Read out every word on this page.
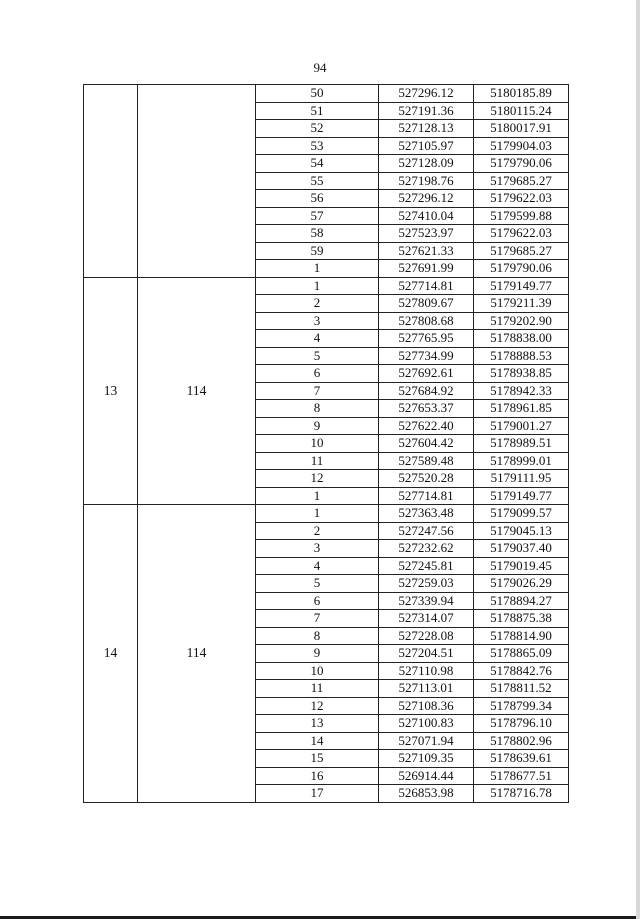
94
		50	527296.12	5180185.89
		51	527191.36	5180115.24
		52	527128.13	5180017.91
		53	527105.97	5179904.03
		54	527128.09	5179790.06
		55	527198.76	5179685.27
		56	527296.12	5179622.03
		57	527410.04	5179599.88
		58	527523.97	5179622.03
		59	527621.33	5179685.27
		1	527691.99	5179790.06
13	114	1	527714.81	5179149.77
		2	527809.67	5179211.39
		3	527808.68	5179202.90
		4	527765.95	5178838.00
		5	527734.99	5178888.53
		6	527692.61	5178938.85
		7	527684.92	5178942.33
		8	527653.37	5178961.85
		9	527622.40	5179001.27
		10	527604.42	5178989.51
		11	527589.48	5178999.01
		12	527520.28	5179111.95
		1	527714.81	5179149.77
14	114	1	527363.48	5179099.57
		2	527247.56	5179045.13
		3	527232.62	5179037.40
		4	527245.81	5179019.45
		5	527259.03	5179026.29
		6	527339.94	5178894.27
		7	527314.07	5178875.38
		8	527228.08	5178814.90
		9	527204.51	5178865.09
		10	527110.98	5178842.76
		11	527113.01	5178811.52
		12	527108.36	5178799.34
		13	527100.83	5178796.10
		14	527071.94	5178802.96
		15	527109.35	5178639.61
		16	526914.44	5178677.51
		17	526853.98	5178716.78
